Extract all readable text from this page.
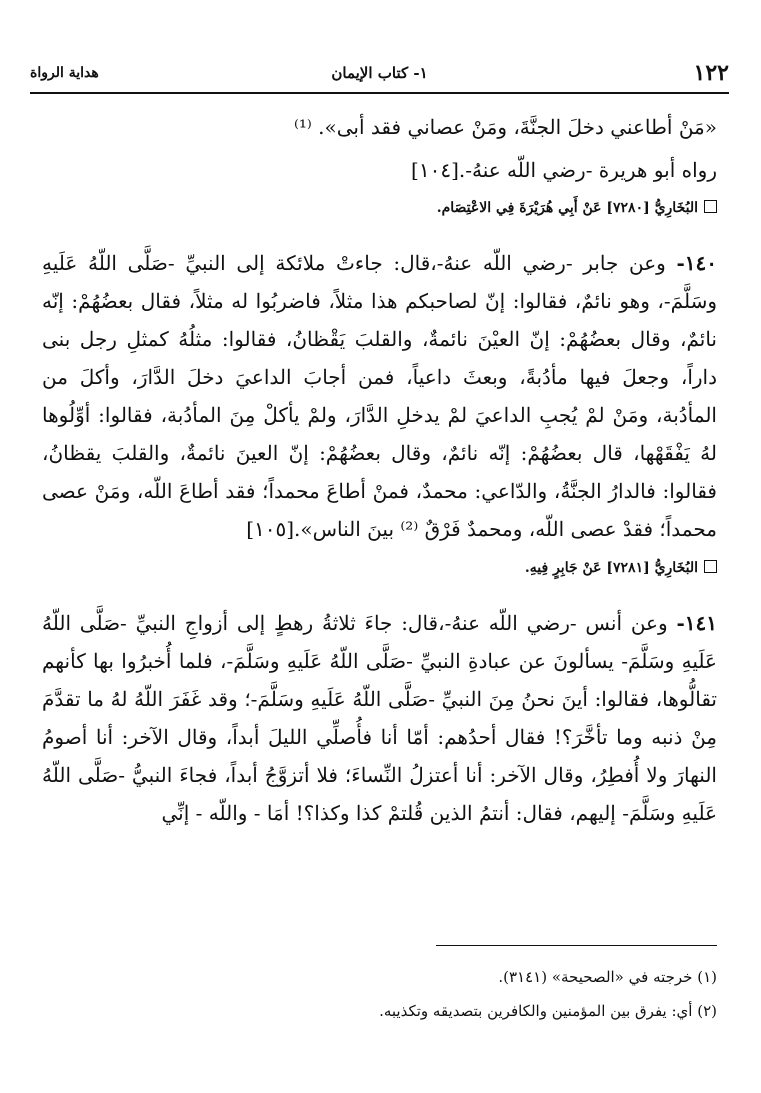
١٢٢
١- كتاب الإيمان
هداية الرواة

«مَنْ أطاعني دخلَ الجنَّةَ، ومَنْ عصاني فقد أبى». ⁽¹⁾

رواه أبو هريرة -رضي اللّه عنهُ-.[١٠٤]

البُخَارِيُّ [٧٢٨٠] عَنْ أَبِي هُرَيْرَةَ فِي الاعْتِصَام.

١٤٠- وعن جابر -رضي اللّه عنهُ-،قال: جاءتْ ملائكة إلى النبيِّ -صَلَّى اللّهُ عَلَيهِ وسَلَّمَ-، وهو نائمٌ، فقالوا: إنّ لصاحبكم هذا مثلاً، فاضربُوا له مثلاً، فقال بعضُهُمْ: إنّه نائمٌ، وقال بعضُهُمْ: إنّ العيْنَ نائمةٌ، والقلبَ يَقْظانُ، فقالوا: مثلُهُ كمثلِ رجل بنى داراً، وجعلَ فيها مأدُبةً، وبعثَ داعياً، فمن أجابَ الداعيَ دخلَ الدَّارَ، وأكلَ من المأدُبة، ومَنْ لمْ يُجبِ الداعيَ لمْ يدخلِ الدَّارَ، ولمْ يأكلْ مِنَ المأدُبة، فقالوا: أوِّلُوها لهُ يَفْقَهْها، قال بعضُهُمْ: إنّه نائمٌ، وقال بعضُهُمْ: إنّ العينَ نائمةٌ، والقلبَ يقظانُ، فقالوا: فالدارُ الجنَّةُ، والدّاعي: محمدٌ، فمنْ أطاعَ محمداً؛ فقد أطاعَ اللّه، ومَنْ عصى محمداً؛ فقدْ عصى اللّه، ومحمدٌ فَرْقٌ ⁽²⁾ بينَ الناس».[١٠٥]

البُخَارِيُّ [٧٢٨١] عَنْ جَابِرٍ فِيهِ.

١٤١- وعن أنس -رضي اللّه عنهُ-،قال: جاءَ ثلاثةُ رهطٍ إلى أزواجِ النبيِّ -صَلَّى اللّهُ عَلَيهِ وسَلَّمَ- يسألونَ عن عبادةِ النبيِّ -صَلَّى اللّهُ عَلَيهِ وسَلَّمَ-، فلما أُخبرُوا بها كأنهم تقالُّوها، فقالوا: أينَ نحنُ مِنَ النبيِّ -صَلَّى اللّهُ عَلَيهِ وسَلَّمَ-؛ وقد غَفَرَ اللّهُ لهُ ما تقدَّمَ مِنْ ذنبه وما تأخَّرَ؟! فقال أحدُهم: أمّا أنا فأُصلِّي الليلَ أبداً، وقال الآخر: أنا أصومُ النهارَ ولا أُفطِرُ، وقال الآخر: أنا أعتزلُ النِّساءَ؛ فلا أتزوَّجُ أبداً، فجاءَ النبيُّ -صَلَّى اللّهُ عَلَيهِ وسَلَّمَ- إليهم، فقال: أنتمُ الذين قُلتمْ كذا وكذا؟! أمَا - واللّه - إنِّي

(١) خرجته في «الصحيحة» (٣١٤١).

(٢) أي: يفرق بين المؤمنين والكافرين بتصديقه وتكذيبه.
